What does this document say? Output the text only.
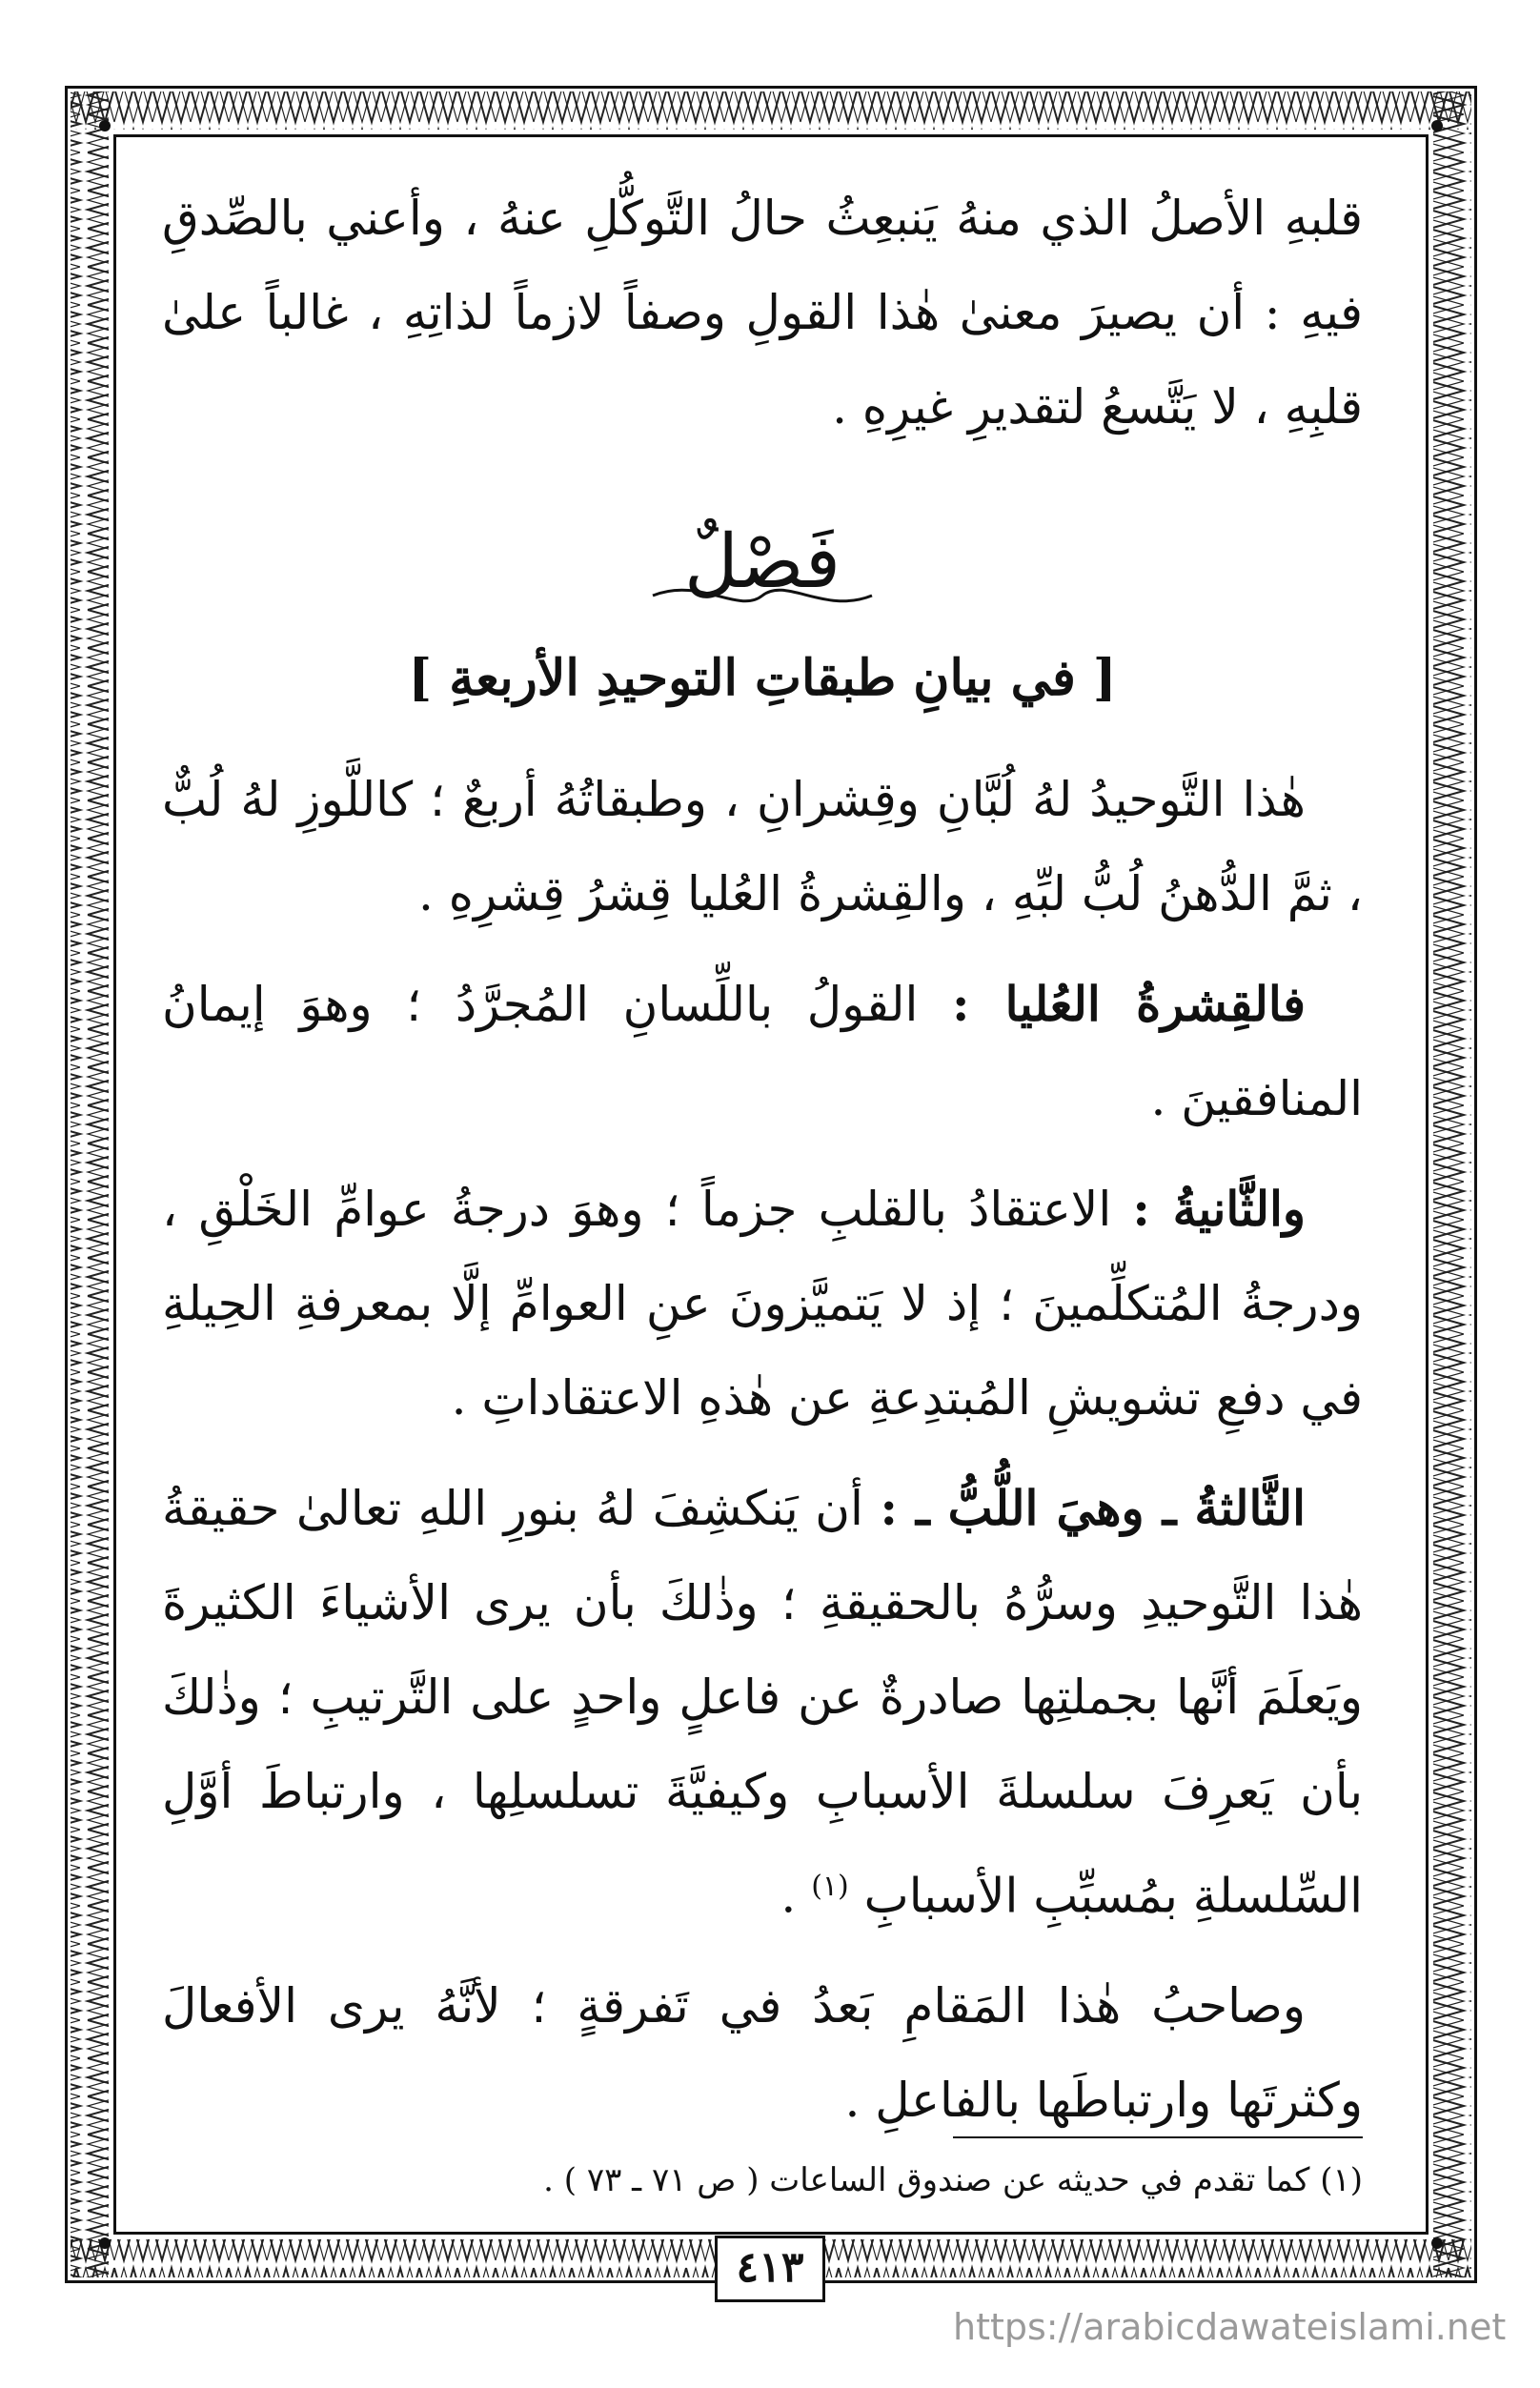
قلبهِ الأصلُ الذي منهُ يَنبعِثُ حالُ التَّوكُّلِ عنهُ ، وأعني بالصِّدقِ فيهِ : أن يصيرَ معنىٰ هٰذا القولِ وصفاً لازماً لذاتِهِ ، غالباً علىٰ قلبِهِ ، لا يَتَّسعُ لتقديرِ غيرِهِ .

فَصْلٌ
[ في بيانِ طبقاتِ التوحيدِ الأربعةِ ]

هٰذا التَّوحيدُ لهُ لُبَّانِ وقِشرانِ ، وطبقاتُهُ أربعٌ ؛ كاللَّوزِ لهُ لُبٌّ ، ثمَّ الدُّهنُ لُبُّ لبِّهِ ، والقِشرةُ العُليا قِشرُ قِشرِهِ .

فالقِشرةُ العُليا : القولُ باللِّسانِ المُجرَّدُ ؛ وهوَ إيمانُ المنافقينَ .

والثَّانيةُ : الاعتقادُ بالقلبِ جزماً ؛ وهوَ درجةُ عوامِّ الخَلْقِ ، ودرجةُ المُتكلِّمينَ ؛ إذ لا يَتميَّزونَ عنِ العوامِّ إلَّا بمعرفةِ الحِيلةِ في دفعِ تشويشِ المُبتدِعةِ عن هٰذهِ الاعتقاداتِ .

الثَّالثةُ ـ وهيَ اللُّبُّ ـ : أن يَنكشِفَ لهُ بنورِ اللهِ تعالىٰ حقيقةُ هٰذا التَّوحيدِ وسرُّهُ بالحقيقةِ ؛ وذٰلكَ بأن يرى الأشياءَ الكثيرةَ ويَعلَمَ أنَّها بجملتِها صادرةٌ عن فاعلٍ واحدٍ على التَّرتيبِ ؛ وذٰلكَ بأن يَعرِفَ سلسلةَ الأسبابِ وكيفيَّةَ تسلسلِها ، وارتباطَ أوَّلِ السِّلسلةِ بمُسبِّبِ الأسبابِ $^{(١)}$ .

وصاحبُ هٰذا المَقامِ بَعدُ في تَفرقةٍ ؛ لأنَّهُ يرى الأفعالَ وكثرتَها وارتباطَها بالفاعلِ .

(١) كما تقدم في حديثه عن صندوق الساعات ( ص ٧١ ـ ٧٣ ) .
٤١٣
https://arabicdawateislami.net
